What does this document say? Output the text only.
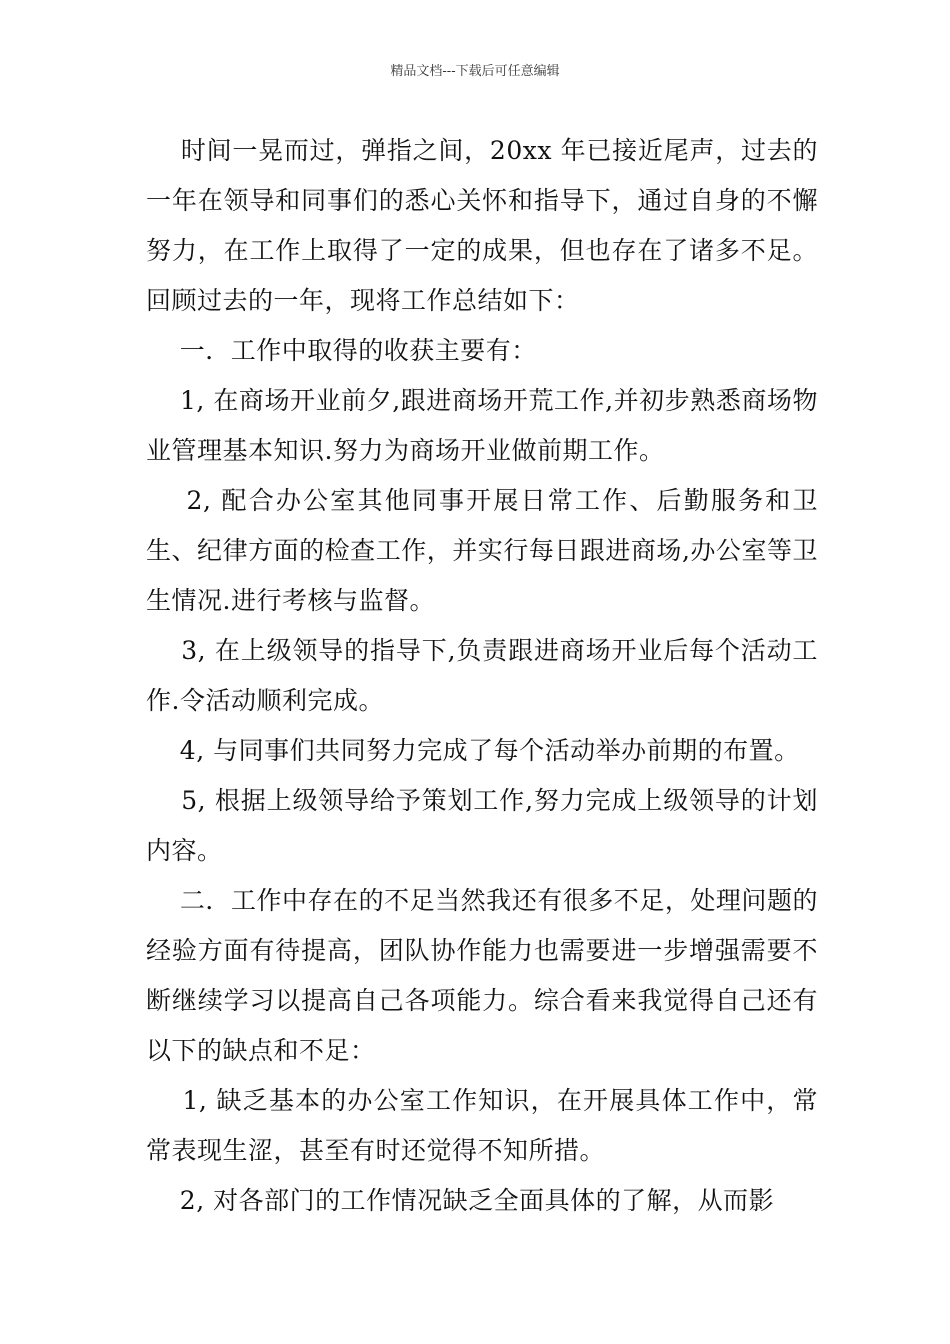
精品文档---下载后可任意编辑

时间一晃而过，弹指之间，20xx 年已接近尾声，过去的一年在领导和同事们的悉心关怀和指导下，通过自身的不懈努力，在工作上取得了一定的成果，但也存在了诸多不足。回顾过去的一年，现将工作总结如下：

一．工作中取得的收获主要有：

1, 在商场开业前夕,跟进商场开荒工作,并初步熟悉商场物业管理基本知识.努力为商场开业做前期工作。

2, 配合办公室其他同事开展日常工作、后勤服务和卫生、纪律方面的检查工作，并实行每日跟进商场,办公室等卫生情况.进行考核与监督。

3, 在上级领导的指导下,负责跟进商场开业后每个活动工作.令活动顺利完成。

4, 与同事们共同努力完成了每个活动举办前期的布置。

5, 根据上级领导给予策划工作,努力完成上级领导的计划内容。

二．工作中存在的不足当然我还有很多不足，处理问题的经验方面有待提高，团队协作能力也需要进一步增强需要不断继续学习以提高自己各项能力。综合看来我觉得自己还有以下的缺点和不足：

1, 缺乏基本的办公室工作知识，在开展具体工作中，常常表现生涩，甚至有时还觉得不知所措。

2, 对各部门的工作情况缺乏全面具体的了解，从而影
